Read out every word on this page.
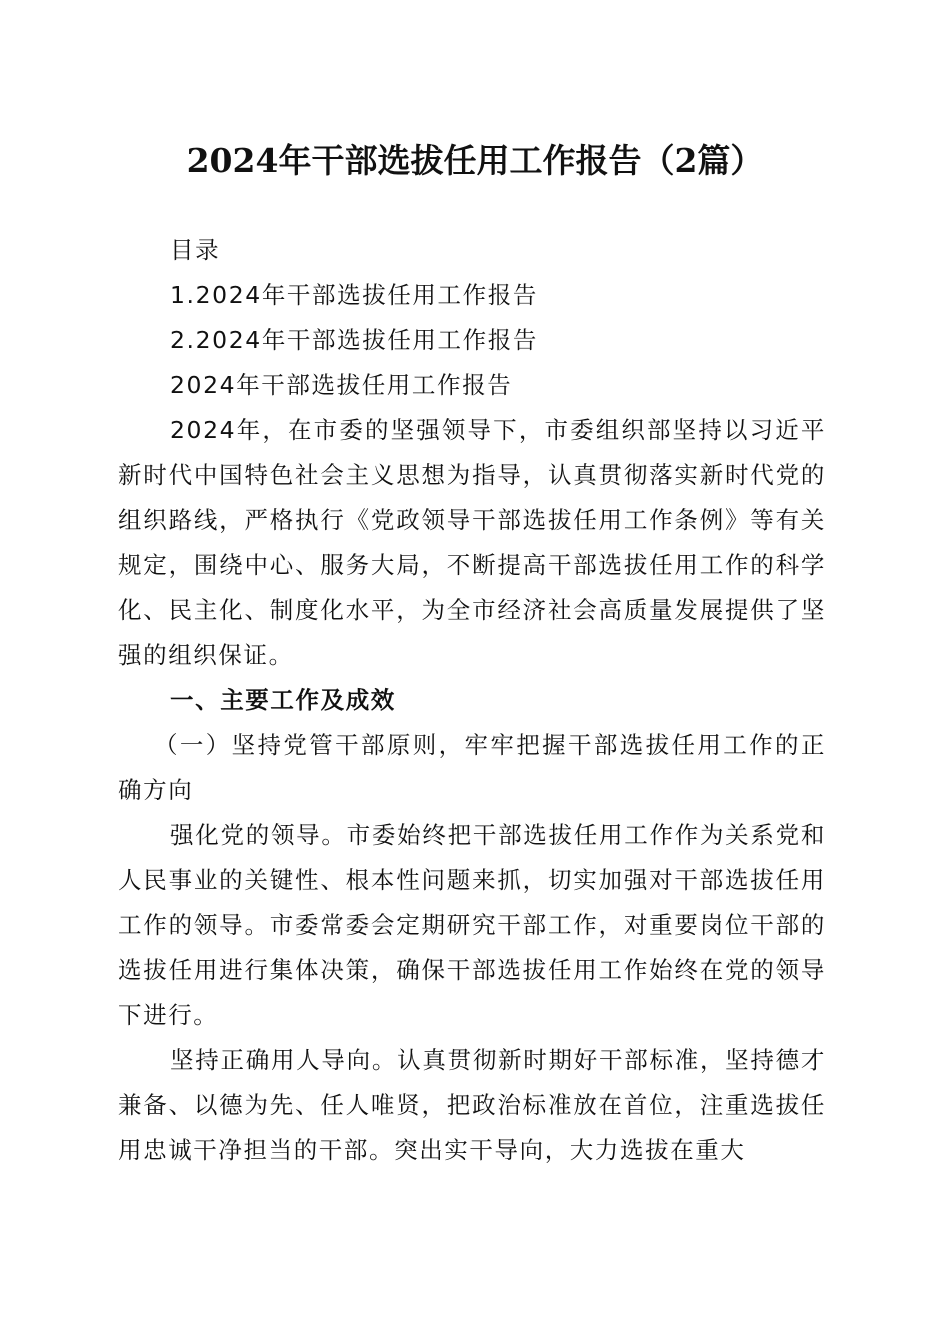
2024年干部选拔任用工作报告（2篇）

目录

1.2024年干部选拔任用工作报告

2.2024年干部选拔任用工作报告

2024年干部选拔任用工作报告

2024年，在市委的坚强领导下，市委组织部坚持以习近平新时代中国特色社会主义思想为指导，认真贯彻落实新时代党的组织路线，严格执行《党政领导干部选拔任用工作条例》等有关规定，围绕中心、服务大局，不断提高干部选拔任用工作的科学化、民主化、制度化水平，为全市经济社会高质量发展提供了坚强的组织保证。

一、主要工作及成效

（一）坚持党管干部原则，牢牢把握干部选拔任用工作的正确方向

强化党的领导。市委始终把干部选拔任用工作作为关系党和人民事业的关键性、根本性问题来抓，切实加强对干部选拔任用工作的领导。市委常委会定期研究干部工作，对重要岗位干部的选拔任用进行集体决策，确保干部选拔任用工作始终在党的领导下进行。

坚持正确用人导向。认真贯彻新时期好干部标准，坚持德才兼备、以德为先、任人唯贤，把政治标准放在首位，注重选拔任用忠诚干净担当的干部。突出实干导向，大力选拔在重大
